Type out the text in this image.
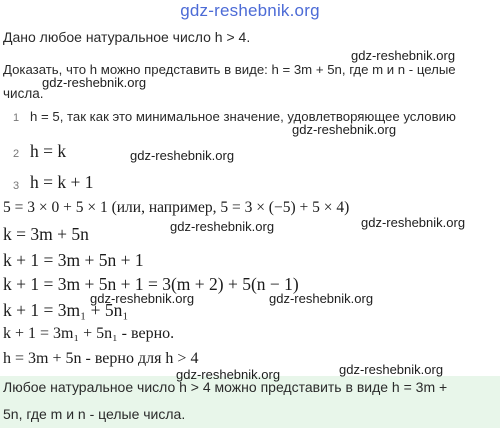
gdz-reshebnik.org
Дано любое натуральное число h > 4.
Доказать, что h можно представить в виде: h = 3m + 5n, где m и n - целые
числа.
1 h = 5, так как это минимальное значение, удовлетворяющее условию
2 h = k
3 h = k + 1
5 = 3 × 0 + 5 × 1 (или, например, 5 = 3 × (−5) + 5 × 4)
k = 3m + 5n
k + 1 = 3m + 5n + 1
k + 1 = 3m + 5n + 1 = 3(m + 2) + 5(n − 1)
k + 1 = 3m₁ + 5n₁
k + 1 = 3m₁ + 5n₁ - верно.
h = 3m + 5n - верно для h > 4
Любое натуральное число h > 4 можно представить в виде h = 3m +
5n, где m и n - целые числа.
gdz-reshebnik.org
gdz-reshebnik.org
gdz-reshebnik.org
gdz-reshebnik.org
gdz-reshebnik.org
gdz-reshebnik.org
gdz-reshebnik.org	gdz-reshebnik.org
gdz-reshebnik.org	gdz-reshebnik.org
